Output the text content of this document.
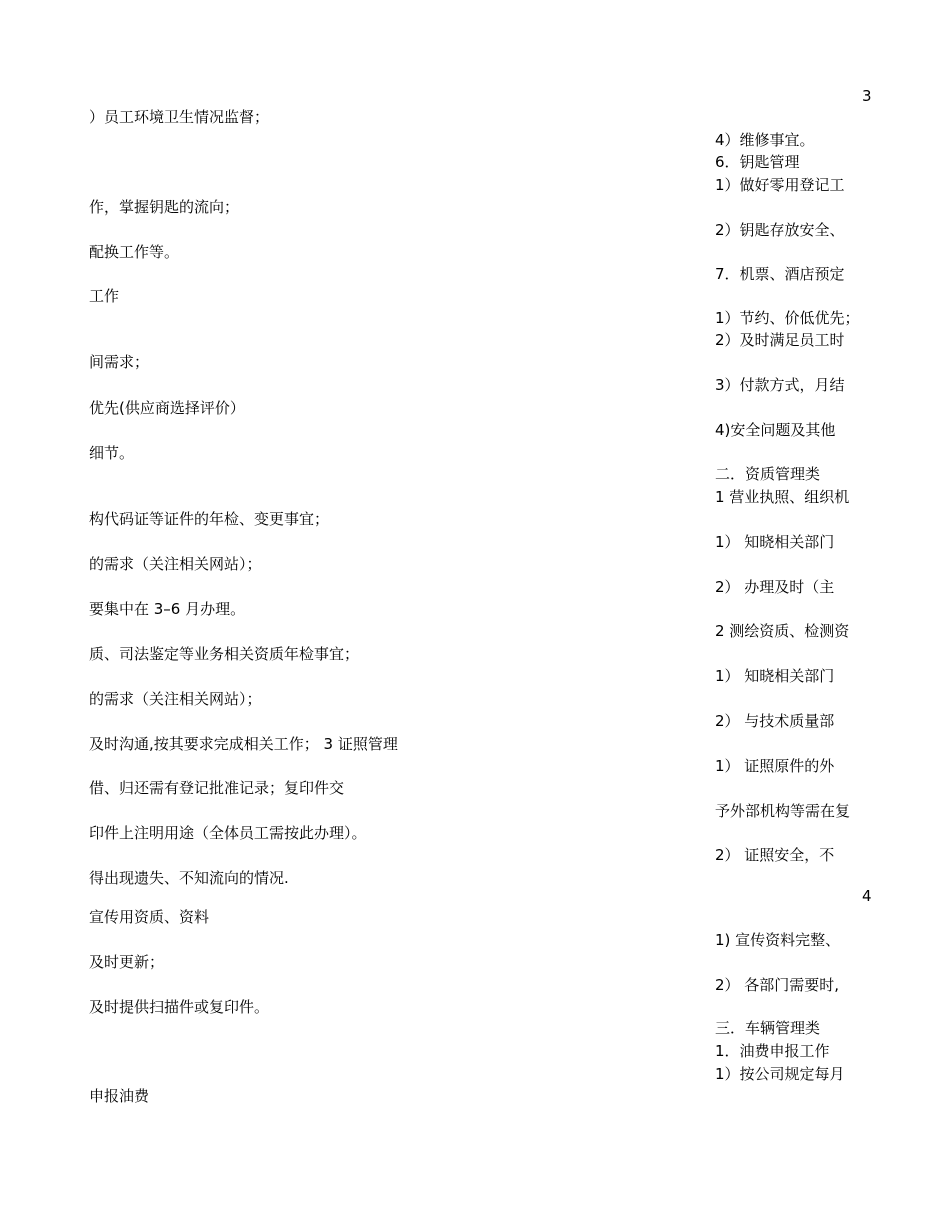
3
4
）员工环境卫生情况监督；
作，掌握钥匙的流向；
配换工作等。
工作
间需求；
优先(供应商选择评价）
细节。
构代码证等证件的年检、变更事宜；
的需求（关注相关网站）；
要集中在 3–6 月办理。
质、司法鉴定等业务相关资质年检事宜；
的需求（关注相关网站）；
及时沟通,按其要求完成相关工作； 3 证照管理
借、归还需有登记批准记录；复印件交
印件上注明用途（全体员工需按此办理）。
得出现遗失、不知流向的情况.
宣传用资质、资料
及时更新；
及时提供扫描件或复印件。
申报油费
4）维修事宜。
6．钥匙管理
1）做好零用登记工
2）钥匙存放安全、
7．机票、酒店预定
1）节约、价低优先；
2）及时满足员工时
3）付款方式，月结
4)安全问题及其他
二．资质管理类
1 营业执照、组织机
1） 知晓相关部门
2） 办理及时（主
2 测绘资质、检测资
1） 知晓相关部门
2） 与技术质量部
1） 证照原件的外
予外部机构等需在复
2） 证照安全，不
1) 宣传资料完整、
2） 各部门需要时,
三．车辆管理类
1．油费申报工作
1）按公司规定每月
